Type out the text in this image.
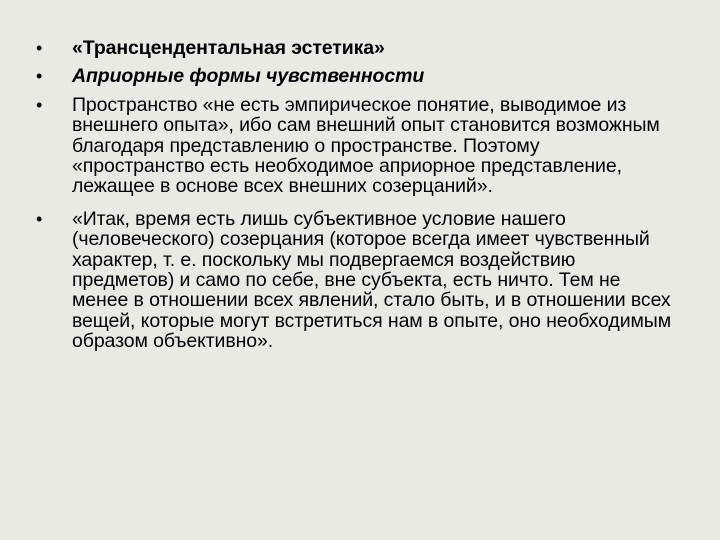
•	«Трансцендентальная эстетика»
•	Априорные формы чувственности
•	Пространство «не есть эмпирическое понятие, выводимое из внешнего опыта», ибо сам внешний опыт становится возможным благодаря представлению о пространстве. Поэтому «пространство есть необходимое априорное представление, лежащее в основе всех внешних созерцаний».
•	«Итак, время есть лишь субъективное условие нашего (человеческого) созерцания (которое всегда имеет чувственный характер, т. е. поскольку мы подвергаемся воздействию предметов) и само по себе, вне субъекта, есть ничто. Тем не менее в отношении всех явлений, стало быть, и в отношении всех вещей, которые могут встретиться нам в опыте, оно необходимым образом объективно».
